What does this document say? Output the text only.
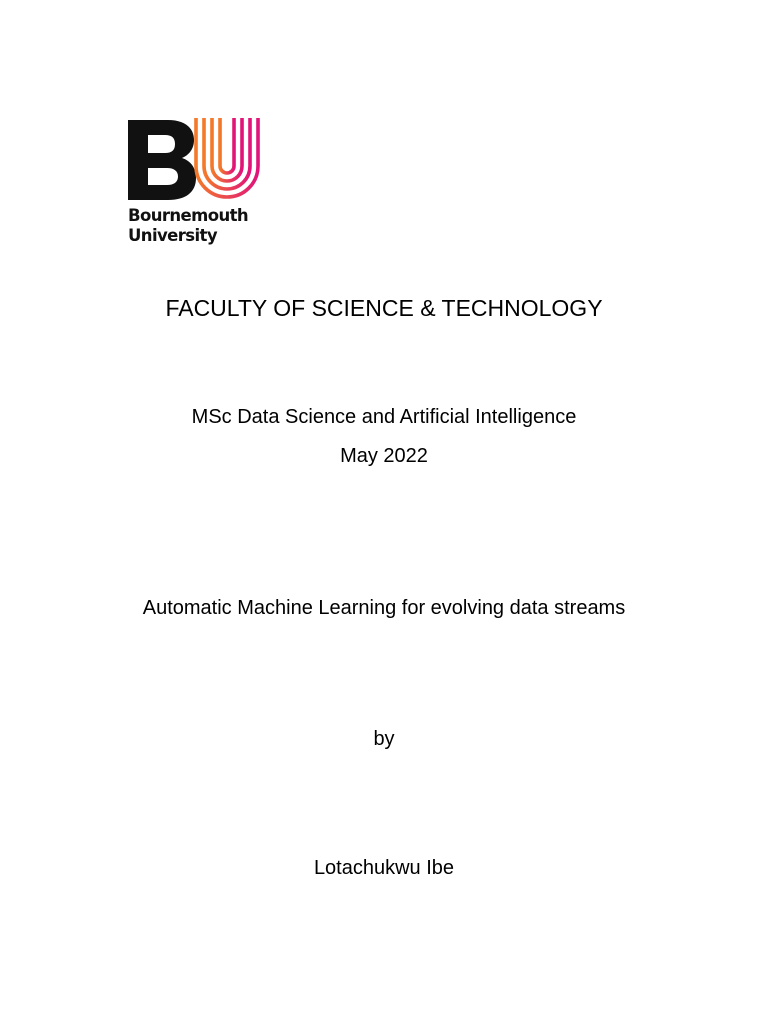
Bournemouth
University
FACULTY OF SCIENCE & TECHNOLOGY
MSc Data Science and Artificial Intelligence
May 2022
Automatic Machine Learning for evolving data streams
by
Lotachukwu Ibe
